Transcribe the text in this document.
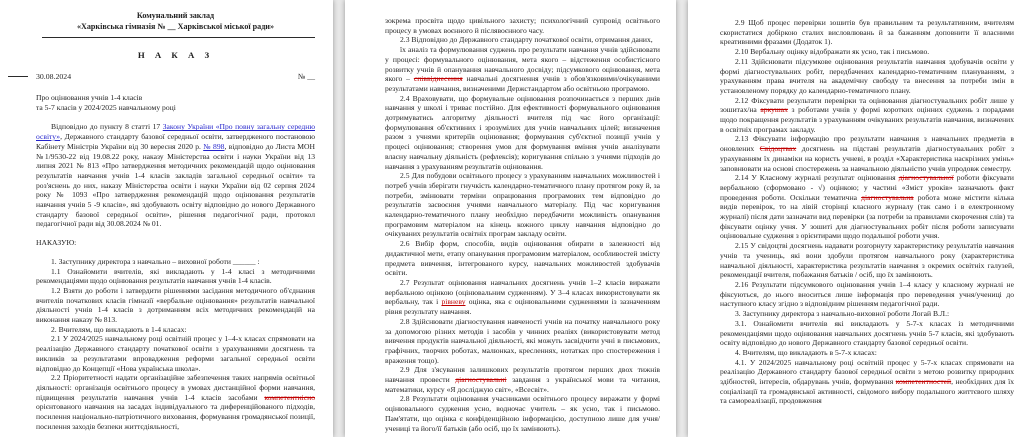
Комунальний заклад
«Харківська гімназія № __ Харківської міської ради»
Н А К А З
30.08.2024	№ __
Про оцінювання учнів 1-4 класів
та 5-7 класів у 2024/2025 навчальному році

Відповідно до пункту 8 статті 17 Закону України «Про повну загальну середню освіту», Державного стандарту базової середньої освіти, затвердженого постановою Кабінету Міністрів України від 30 вересня 2020 р. № 898, відповідно до Листа МОН №1/9530-22 від 19.08.22 року, наказу Міністерства освіти і науки України від 13 липня 2021 № 813 «Про затвердження методичних рекомендацій щодо оцінювання результатів навчання учнів 1-4 класів закладів загальної середньої освіти» та роз'яснень до них, наказу Міністерства освіти і науки України від 02 серпня 2024 року № 1093 «Про затвердження рекомендацій щодо оцінювання результатів навчання учнів 5 -9 класів», які здобувають освіту відповідно до нового Державного стандарту базової середньої освіти», рішення педагогічної ради, протокол педагогічної ради від 30.08.2024 № 01.

НАКАЗУЮ:

1. Заступнику директора з навчально – виховної роботи ______ :

1.1 Ознайомити вчителів, які викладають у 1-4 класі з методичними рекомендаціями щодо оцінювання результатів навчання учнів 1-4 класів.

1.2 Взяти до роботи і затвердити рішеннями засідання методичного об'єднання вчителів початкових класів гімназії «вербальне оцінювання» результатів навчальної діяльності учнів 1-4 класів з дотриманням всіх методичних рекомендацій на виконання наказу № 813.

2. Вчителям, що викладають в 1-4 класах:

2.1 У 2024/2025 навчальному році освітній процес у 1–4-х класах спрямовати на реалізацію Державного стандарту початкової освіти з урахуваннями досягнень та викликів за результатами впровадження реформи загальної середньої освіти відповідно до Концепції «Нова українська школа».

2.2 Пріоритетності надати організаційне забезпечення таких напрямів освітньої діяльності: організація освітнього процесу в умовах дистанційної форми навчання, підвищення результатів навчання учнів 1-4 класів засобами компетентнісно орієнтованого навчання на засадах індивідуального та диференційованого підходів, посилення національно-патріотичного виховання, формування громадянської позиції, посилення заходів безпеки життєдіяльності,

зокрема просвіта щодо цивільного захисту; психологічний супровід освітнього процесу в умовах воєнного й післявоєнного часу.

2.3 Відповідно до Державного стандарту початкової освіти, отримання даних,

їх аналіз та формулювання суджень про результати навчання учнів здійснювати у процесі: формувального оцінювання, мета якого – відстеження особистісного розвитку учнів й опанування навчального досвіду; підсумкового оцінювання, мета якого – співвіднесення навчальні досягнення учнів з обов'язковими/очікуваними результатами навчання, визначеними Держстандартом або освітньою програмою.

2.4 Враховувати, що формувальне оцінювання розпочинається з перших днів навчання у школі і триває постійно. Для ефективності формувального оцінювання дотримуватись алгоритму діяльності вчителя під час його організації: формулювання об'єктивних і зрозумілих для учнів навчальних цілей; визначення разом з учнями критеріїв оцінювання; формування суб'єктної позиції учнів у процесі оцінювання; створення умов для формування вміння учнів аналізувати власну навчальну діяльність (рефлексія); коригування спільно з учнями підходів до навчання з урахуванням результатів оцінювання.

2.5 Для побудови освітнього процесу з урахуванням навчальних можливостей і потреб учнів зберігати гнучкість календарно-тематичного плану протягом року й, за потреби, змінювати терміни опрацювання програмових тем відповідно до результатів засвоєння учнями навчального матеріалу. Під час коригування календарно-тематичного плану необхідно передбачити можливість опанування програмовим матеріалом на кінець кожного циклу навчання відповідно до очікуваних результатів освітніх програм закладу освіти.

2.6 Вибір форм, способів, видів оцінювання обирати в залежності від дидактичної мети, етапу опанування програмовим матеріалом, особливостей змісту предмета вивчення, інтегрованого курсу, навчальних можливостей здобувачів освіти.

2.7 Результат оцінювання навчальних досягнень учнів 1–2 класів виражати вербальною оцінкою (оцінювальним судженням). У 3–4 класах використовувати як вербальну, так і рівневу оцінка, яка є оцінювальними судженнями із зазначенням рівня результату навчання.

2.8 Здійснювати діагностування навченості учнів на початку навчального року за допомогою різних методів і засобів у чинних реаліях (використовувати метод вивчення продуктів навчальної діяльності, які можуть засвідчити учні в письмових, графічних, творчих роботах, малюнках, кресленнях, нотатках про спостереження і враження тощо).

2.9 Для з'ясування залишкових результатів протягом перших двох тижнів навчання провести діагностувальні завдання з української мови та читання, математики, курсу «Я досліджую світ», «Всесвіт».

2.8 Результати оцінювання учасниками освітнього процесу виражати у формі оцінювального судження усно, водночас учитель – як усно, так і письмово. Пам'ятати, що оцінка є конфіденційною інформацією, доступною лише для учня/учениці та його/її батьків (або осіб, що їх замінюють).

2.9 Щоб процес перевірки зошитів був правильним та результативним, вчителям скористатися добіркою сталих висловлювань й за бажанням доповнити її власними креативними фразами (Додаток 1).

2.10 Вербальну оцінку відображати як усно, так і письмово.

2.11 Здійснювати підсумкове оцінювання результатів навчання здобувачів освіти у формі діагностувальних робіт, передбачених календарно-тематичним плануванням, з урахуванням права вчителя на академічну свободу та внесення за потреби змін в установленому порядку до календарно-тематичного плану.

2.12 Фіксувати результати перевірки та оцінювання діагностувальних робіт лише у зошитах/на аркушах з роботами учнів у формі коротких оцінних суджень з порадами щодо покращення результатів з урахуванням очікуваних результатів навчання, визначених в освітніх програмах закладу.

2.13 Фіксувати інформацію про результати навчання з навчальних предметів в оновлених Свідоцтвах досягнень на підставі результатів діагностувальних робіт з урахуванням їх динаміки на користь учневі, в розділ «Характеристика наскрізних умінь» заповнювати на основі спостережень за навчальною діяльністю учнів упродовж семестру.

2.14 У Класному журналі результат оцінювання діагностувальної роботи фіксувати вербальною (сформовано - √) оцінкою; у частині «Зміст уроків» зазначають факт проведення роботи. Оскільки тематична діагностувальна робота може містити кілька видів перевірок, то на лівій сторінці класного журналу (так само і в електронному журналі) після дати зазначати вид перевірки (за потреби за правилами скорочення слів) та фіксувати оцінку учня. У зошиті для діагностувальних робіт після роботи записувати оцінювальне судження з орієнтирами щодо подальшої роботи учня.

2.15 У свідоцтві досягнень надавати розгорнуту характеристику результатів навчання учнів та учениць, які вони здобули протягом навчального року (характеристика навчальної діяльності, характеристика результатів навчання з окремих освітніх галузей, рекомендації вчителя, побажання батьків / осіб, що їх замінюють.

2.16 Результати підсумкового оцінювання учнів 1–4 класу у класному журналі не фіксуються, до нього вноситься лише інформація про переведення учня/учениці до наступного класу згідно з відповідним рішенням педагогічної ради.

3. Заступнику директора з навчально-виховної роботи Логай В.Л.:

3.1. Ознайомити вчителів які викладають у 5-7-х класах із методичними рекомендаціями щодо оцінювання навчальних досягнень учнів 5-7 класів, які здобувають освіту відповідно до нового Державного стандарту базової середньої освіти.

4. Вчителям, що викладають в 5-7-х класах:

4.1. У 2024/2025 навчальному році освітній процес у 5-7-х класах спрямовати на реалізацію Державного стандарту базової середньої освіти з метою розвитку природних здібностей, інтересів, обдарувань учнів, формування компетентностей, необхідних для їх соціалізації та громадянської активності, свідомого вибору подальшого життєвого шляху та самореалізації, продовження
